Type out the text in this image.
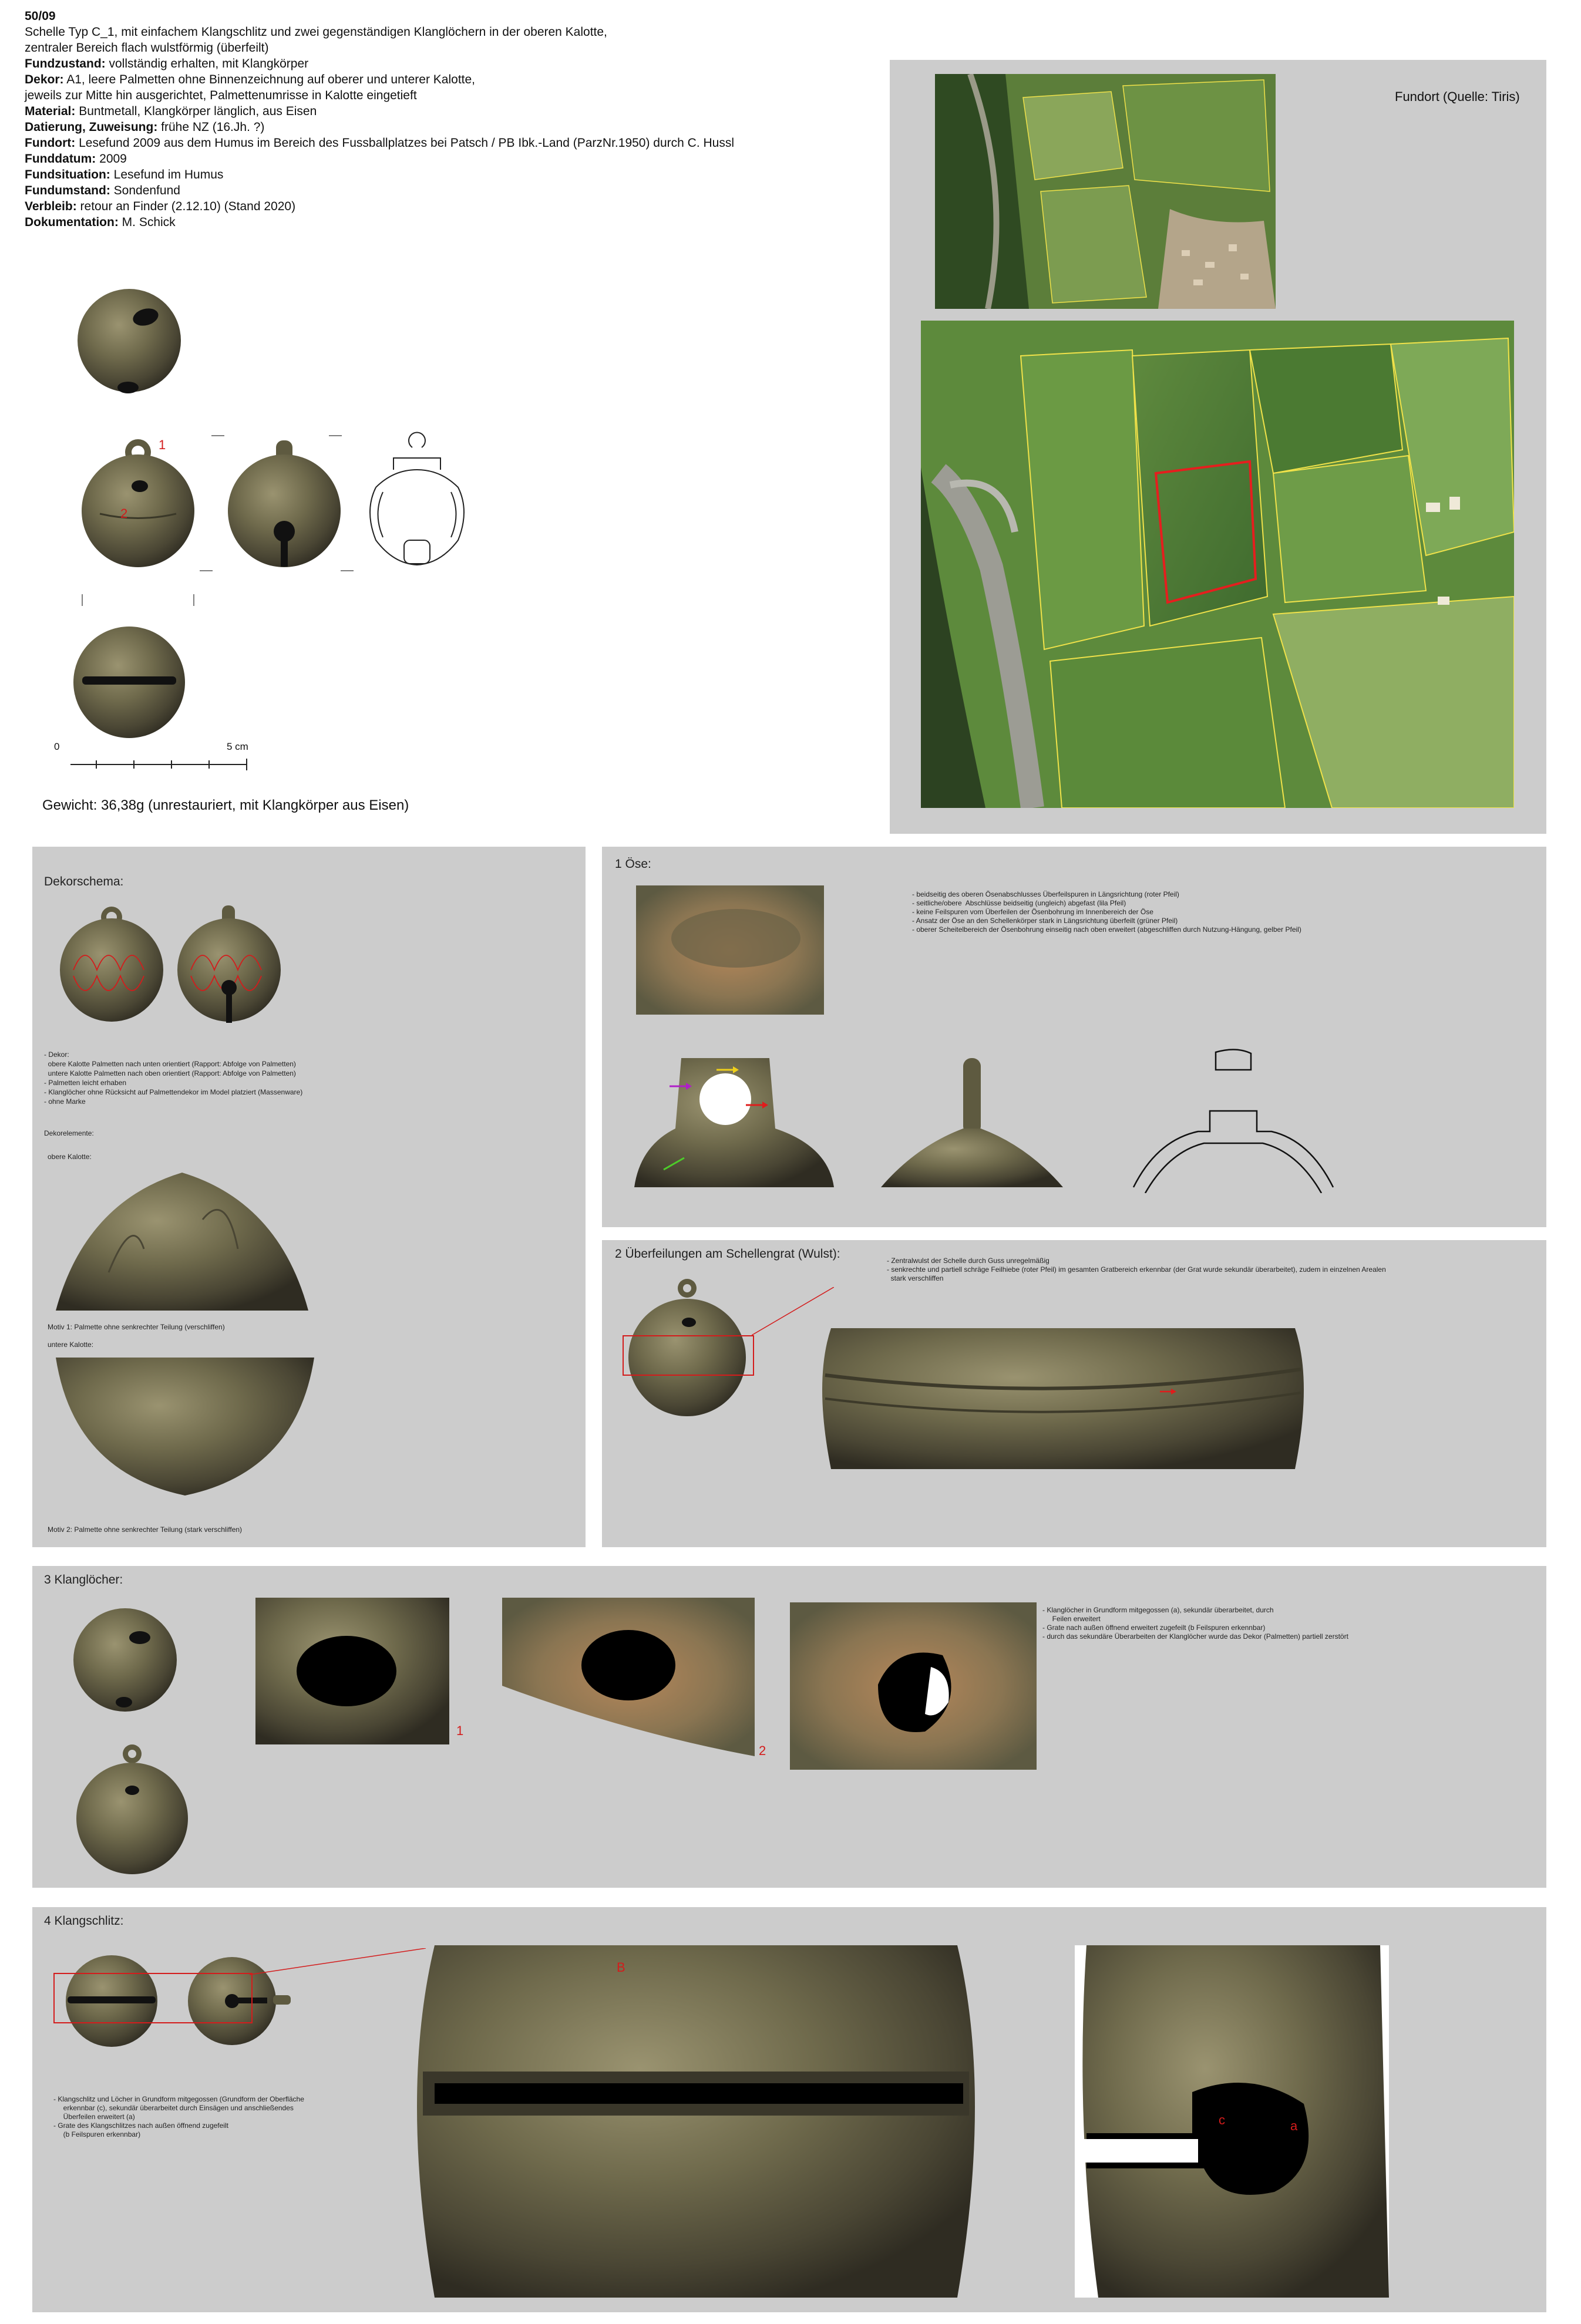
50/09
Schelle Typ C_1, mit einfachem Klangschlitz und zwei gegenständigen Klanglöchern in der oberen Kalotte,
zentraler Bereich flach wulstförmig (überfeilt)
Fundzustand: vollständig erhalten, mit Klangkörper
Dekor: A1, leere Palmetten ohne Binnenzeichnung auf oberer und unterer Kalotte,
jeweils zur Mitte hin ausgerichtet, Palmettenumrisse in Kalotte eingetieft
Material: Buntmetall, Klangkörper länglich, aus Eisen
Datierung, Zuweisung: frühe NZ (16.Jh. ?)
Fundort: Lesefund 2009 aus dem Humus im Bereich des Fussballplatzes bei Patsch / PB Ibk.-Land (ParzNr.1950) durch C. Hussl
Funddatum: 2009
Fundsituation: Lesefund im Humus
Fundumstand: Sondenfund
Verbleib: retour an Finder (2.12.10) (Stand 2020)
Dokumentation: M. Schick
1
2
0	5 cm
Gewicht: 36,38g (unrestauriert, mit Klangkörper aus Eisen)
Fundort (Quelle: Tiris)
Dekorschema:
- Dekor:
obere Kalotte Palmetten nach unten orientiert (Rapport: Abfolge von Palmetten)
untere Kalotte Palmetten nach oben orientiert (Rapport: Abfolge von Palmetten)
- Palmetten leicht erhaben
- Klanglöcher ohne Rücksicht auf Palmettendekor im Model platziert (Massenware)
- ohne Marke
Dekorelemente:
obere Kalotte:
Motiv 1: Palmette ohne senkrechter Teilung (verschliffen)
untere Kalotte:
Motiv 2: Palmette ohne senkrechter Teilung (stark verschliffen)
1 Öse:
- beidseitig des oberen Ösenabschlusses Überfeilspuren in Längsrichtung (roter Pfeil)
- seitliche/obere  Abschlüsse beidseitig (ungleich) abgefast (lila Pfeil)
- keine Feilspuren vom Überfeilen der Ösenbohrung im Innenbereich der Öse
- Ansatz der Öse an den Schellenkörper stark in Längsrichtung überfeilt (grüner Pfeil)
- oberer Scheitelbereich der Ösenbohrung einseitig nach oben erweitert (abgeschliffen durch Nutzung-Hängung, gelber Pfeil)
2 Überfeilungen am Schellengrat (Wulst):	- Zentralwulst der Schelle durch Guss unregelmäßig
- senkrechte und partiell schräge Feilhiebe (roter Pfeil) im gesamten Gratbereich erkennbar (der Grat wurde sekundär überarbeitet), zudem in einzelnen Arealen
stark verschliffen
3 Klanglöcher:
1
2
- Klanglöcher in Grundform mitgegossen (a), sekundär überarbeitet, durch
Feilen erweitert
- Grate nach außen öffnend erweitert zugefeilt (b Feilspuren erkennbar)
- durch das sekundäre Überarbeiten der Klanglöcher wurde das Dekor (Palmetten) partiell zerstört
4 Klangschlitz:
- Klangschlitz und Löcher in Grundform mitgegossen (Grundform der Oberfläche
erkennbar (c), sekundär überarbeitet durch Einsägen und anschließendes
Überfeilen erweitert (a)
- Grate des Klangschlitzes nach außen öffnend zugefeilt
(b Feilspuren erkennbar)
B
c	a
